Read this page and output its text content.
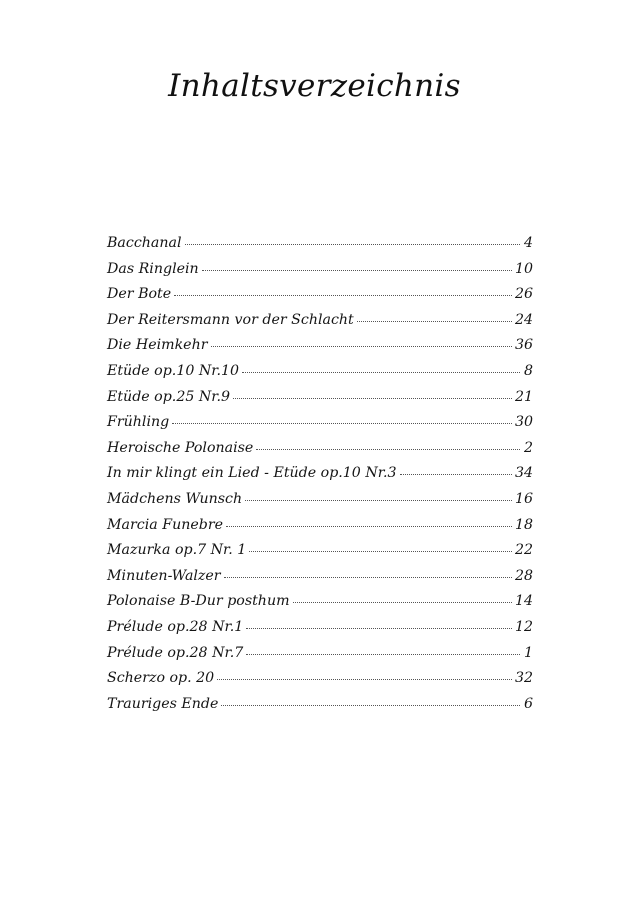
Inhaltsverzeichnis
Bacchanal	4
Das Ringlein	10
Der Bote	26
Der Reitersmann vor der Schlacht	24
Die Heimkehr	36
Etüde op.10 Nr.10	8
Etüde op.25 Nr.9	21
Frühling	30
Heroische Polonaise	2
In mir klingt ein Lied - Etüde op.10 Nr.3	34
Mädchens Wunsch	16
Marcia Funebre	18
Mazurka op.7 Nr. 1	22
Minuten-Walzer	28
Polonaise B-Dur posthum	14
Prélude op.28 Nr.1	12
Prélude op.28 Nr.7	1
Scherzo op. 20	32
Trauriges Ende	6
